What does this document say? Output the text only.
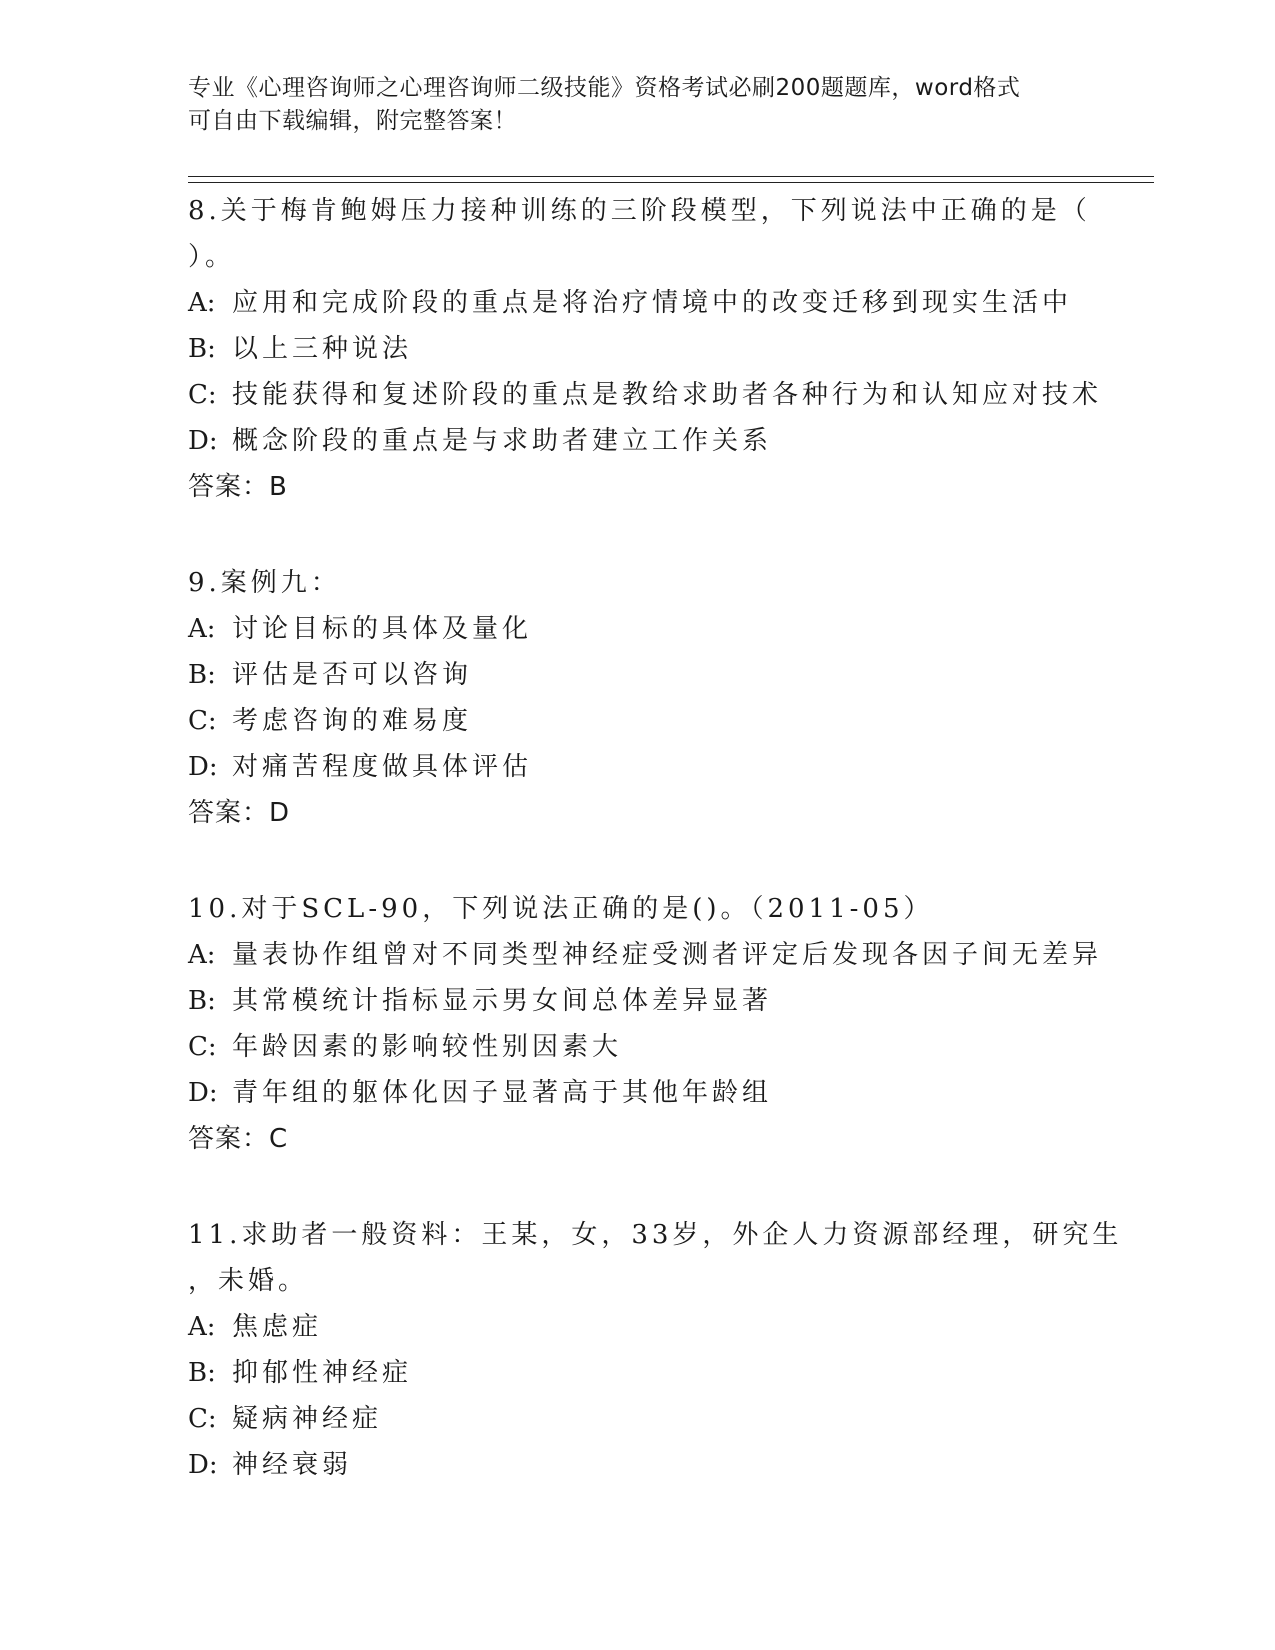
专业《心理咨询师之心理咨询师二级技能》资格考试必刷200题题库，word格式
可自由下载编辑，附完整答案！
8.关于梅肯鲍姆压力接种训练的三阶段模型，下列说法中正确的是（
）。
A: 应用和完成阶段的重点是将治疗情境中的改变迁移到现实生活中
B: 以上三种说法
C: 技能获得和复述阶段的重点是教给求助者各种行为和认知应对技术
D: 概念阶段的重点是与求助者建立工作关系
答案：B
9.案例九：
A: 讨论目标的具体及量化
B: 评估是否可以咨询
C: 考虑咨询的难易度
D: 对痛苦程度做具体评估
答案：D
10.对于SCL-90，下列说法正确的是()。（2011-05）
A: 量表协作组曾对不同类型神经症受测者评定后发现各因子间无差异
B: 其常模统计指标显示男女间总体差异显著
C: 年龄因素的影响较性别因素大
D: 青年组的躯体化因子显著高于其他年龄组
答案：C
11.求助者一般资料：王某，女，33岁，外企人力资源部经理，研究生
，未婚。
A: 焦虑症
B: 抑郁性神经症
C: 疑病神经症
D: 神经衰弱
